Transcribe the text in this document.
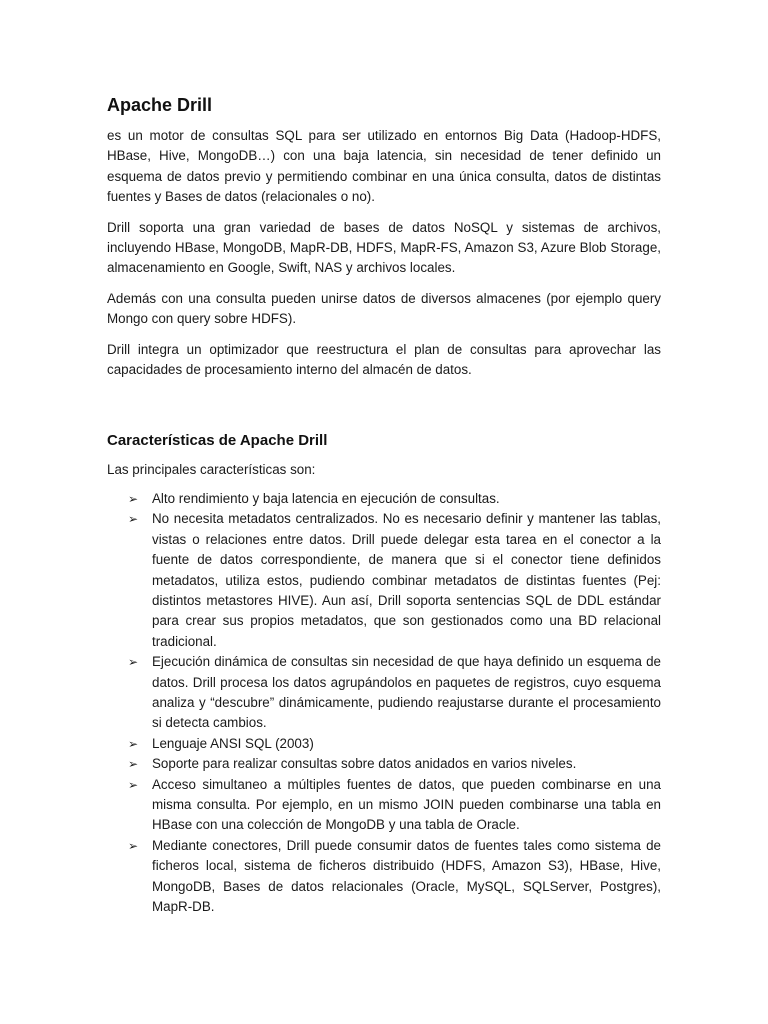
Apache Drill

es un motor de consultas SQL para ser utilizado en entornos Big Data (Hadoop-HDFS, HBase, Hive, MongoDB…) con una baja latencia, sin necesidad de tener definido un esquema de datos previo y permitiendo combinar en una única consulta, datos de distintas fuentes y Bases de datos (relacionales o no).

Drill soporta una gran variedad de bases de datos NoSQL y sistemas de archivos, incluyendo HBase, MongoDB, MapR-DB, HDFS, MapR-FS, Amazon S3, Azure Blob Storage, almacenamiento en Google, Swift, NAS y archivos locales.

Además con una consulta pueden unirse datos de diversos almacenes (por ejemplo query Mongo con query sobre HDFS).

Drill integra un optimizador que reestructura el plan de consultas para aprovechar las capacidades de procesamiento interno del almacén de datos.

Características de Apache Drill

Las principales características son:

➢ Alto rendimiento y baja latencia en ejecución de consultas.
➢ No necesita metadatos centralizados. No es necesario definir y mantener las tablas, vistas o relaciones entre datos. Drill puede delegar esta tarea en el conector a la fuente de datos correspondiente, de manera que si el conector tiene definidos metadatos, utiliza estos, pudiendo combinar metadatos de distintas fuentes (Pej: distintos metastores HIVE). Aun así, Drill soporta sentencias SQL de DDL estándar para crear sus propios metadatos, que son gestionados como una BD relacional tradicional.
➢ Ejecución dinámica de consultas sin necesidad de que haya definido un esquema de datos. Drill procesa los datos agrupándolos en paquetes de registros, cuyo esquema analiza y “descubre” dinámicamente, pudiendo reajustarse durante el procesamiento si detecta cambios.
➢ Lenguaje ANSI SQL (2003)
➢ Soporte para realizar consultas sobre datos anidados en varios niveles.
➢ Acceso simultaneo a múltiples fuentes de datos, que pueden combinarse en una misma consulta. Por ejemplo, en un mismo JOIN pueden combinarse una tabla en HBase con una colección de MongoDB y una tabla de Oracle.
➢ Mediante conectores, Drill puede consumir datos de fuentes tales como sistema de ficheros local, sistema de ficheros distribuido (HDFS, Amazon S3), HBase, Hive, MongoDB, Bases de datos relacionales (Oracle, MySQL, SQLServer, Postgres), MapR-DB.
